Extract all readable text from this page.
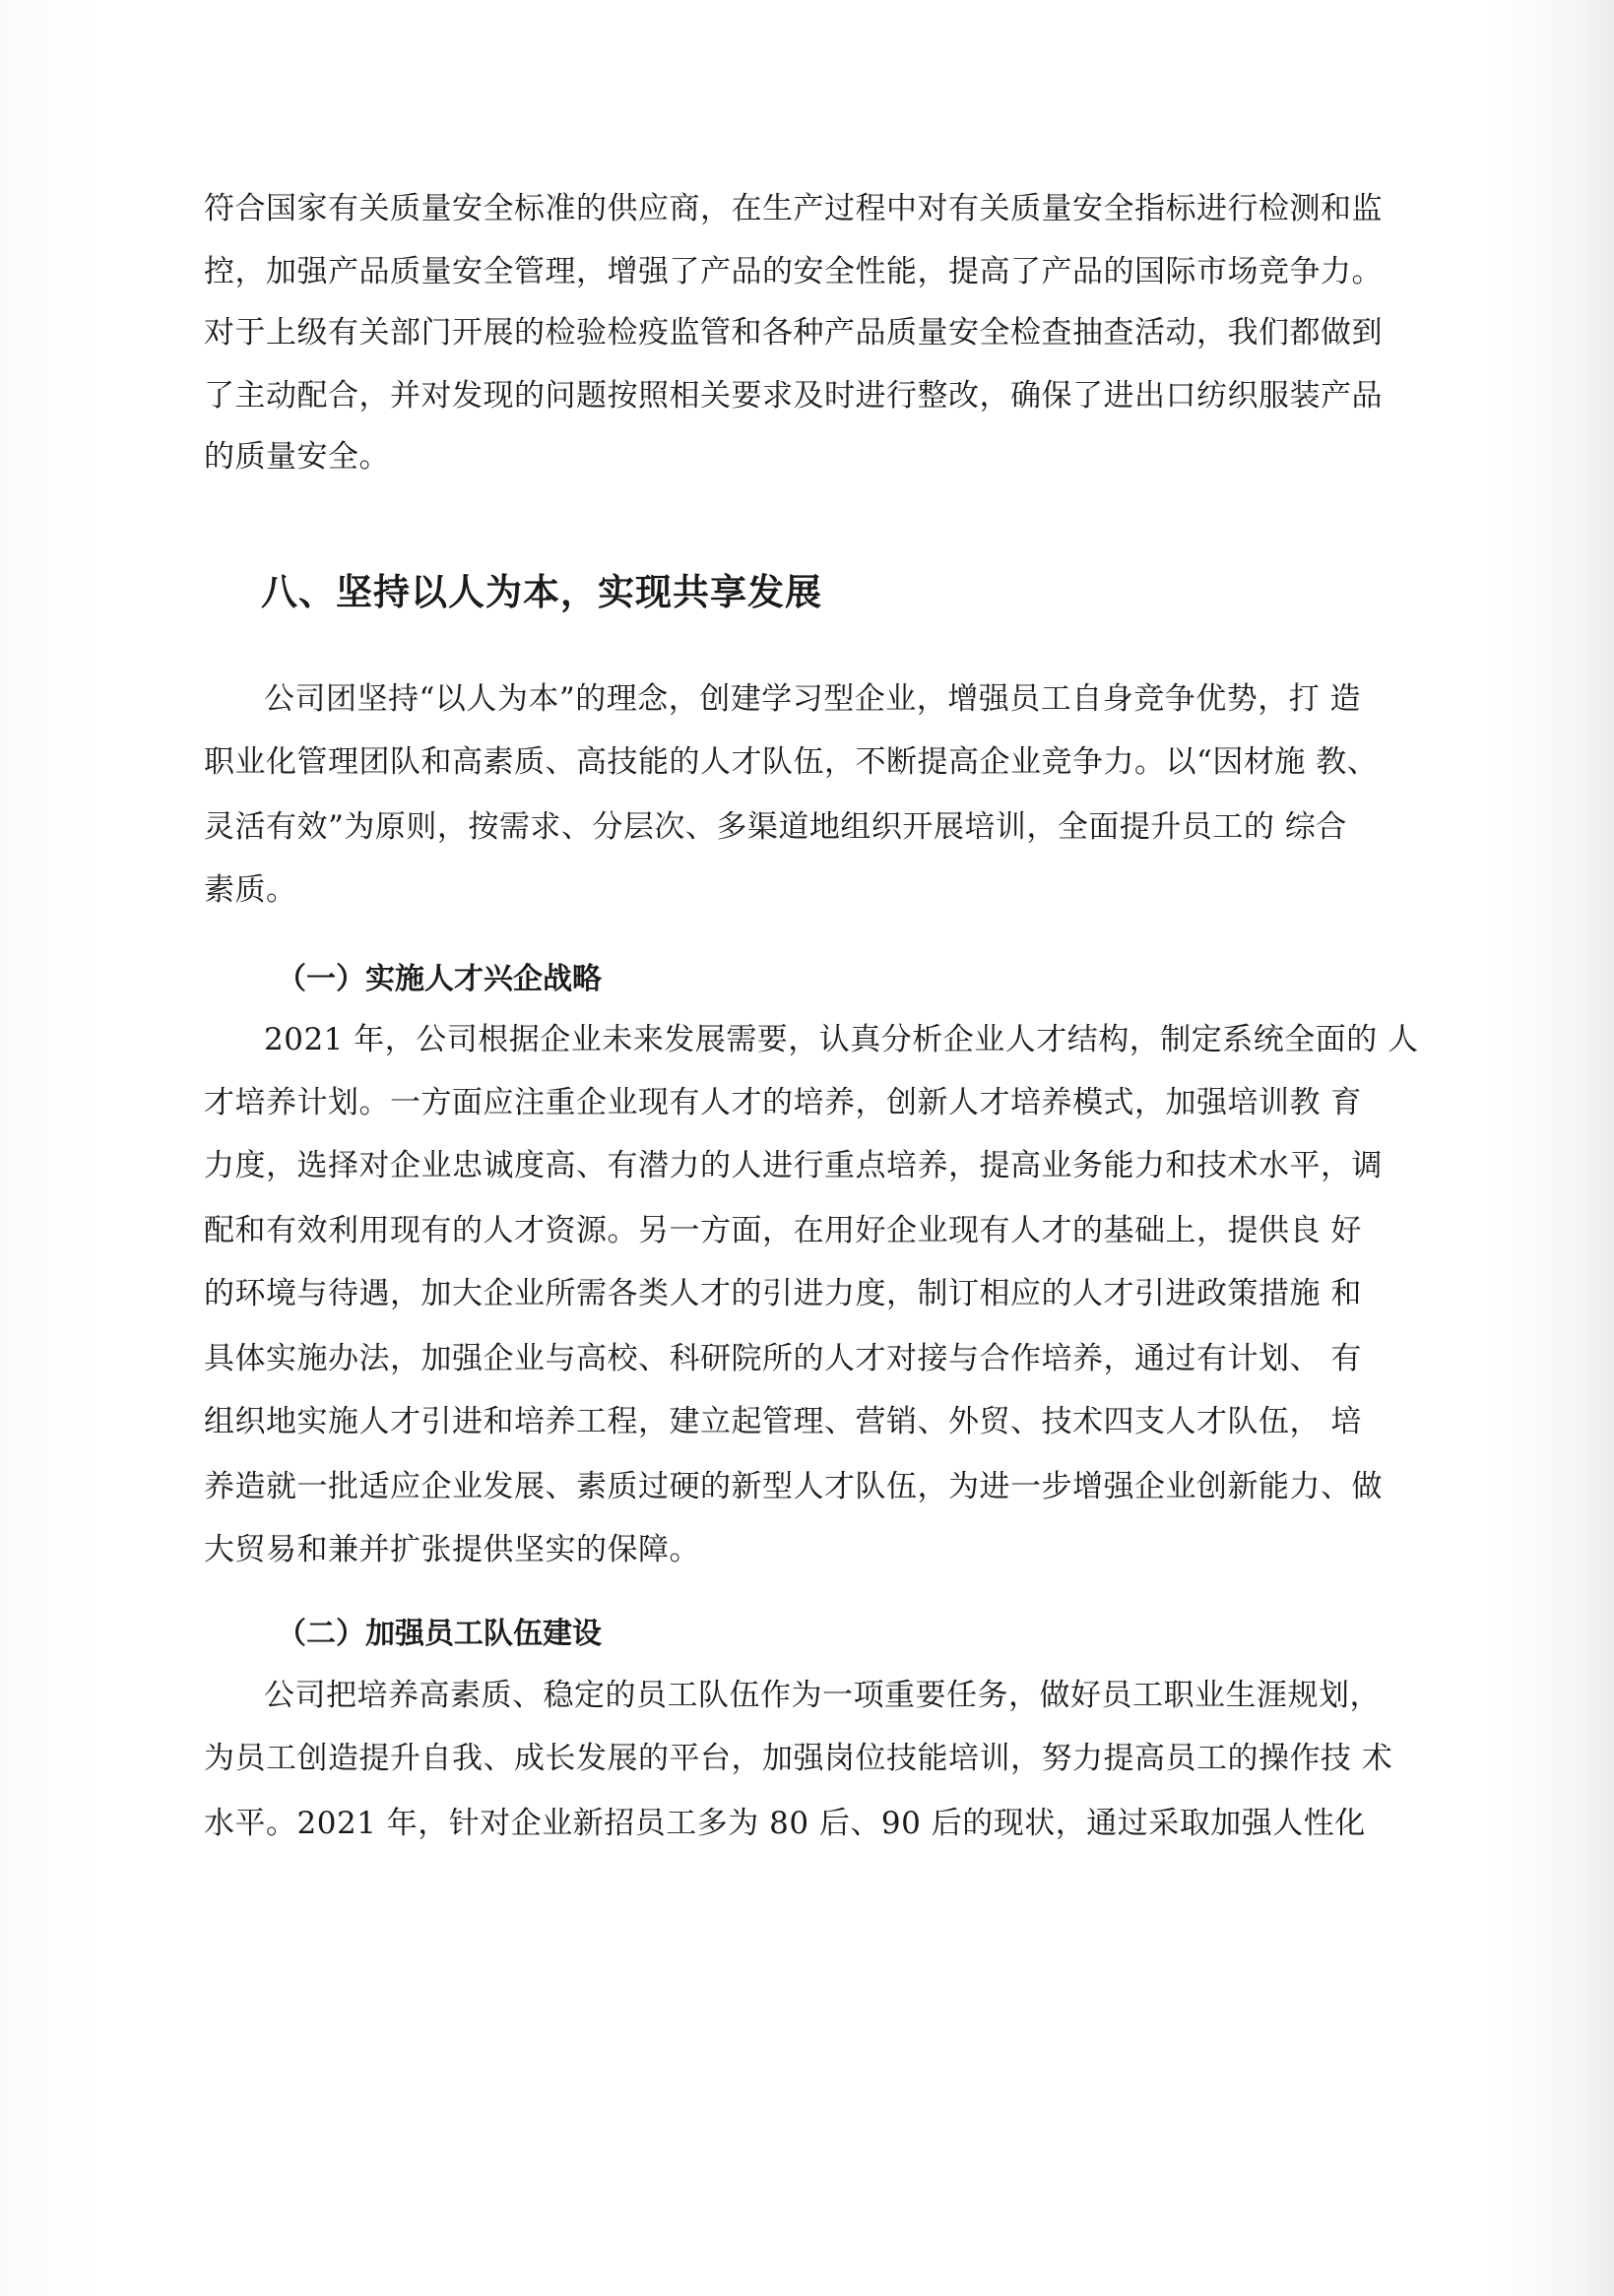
符合国家有关质量安全标准的供应商，在生产过程中对有关质量安全指标进行检测和监

控，加强产品质量安全管理，增强了产品的安全性能，提高了产品的国际市场竞争力。

对于上级有关部门开展的检验检疫监管和各种产品质量安全检查抽查活动，我们都做到

了主动配合，并对发现的问题按照相关要求及时进行整改，确保了进出口纺织服装产品

的质量安全。

八、坚持以人为本，实现共享发展

公司团坚持“以人为本”的理念，创建学习型企业，增强员工自身竞争优势，打 造

职业化管理团队和高素质、高技能的人才队伍，不断提高企业竞争力。以“因材施 教、

灵活有效”为原则，按需求、分层次、多渠道地组织开展培训，全面提升员工的 综合

素质。

（一）实施人才兴企战略

2021 年，公司根据企业未来发展需要，认真分析企业人才结构，制定系统全面的 人

才培养计划。一方面应注重企业现有人才的培养，创新人才培养模式，加强培训教 育

力度，选择对企业忠诚度高、有潜力的人进行重点培养，提高业务能力和技术水平，调

配和有效利用现有的人才资源。另一方面，在用好企业现有人才的基础上，提供良 好

的环境与待遇，加大企业所需各类人才的引进力度，制订相应的人才引进政策措施 和

具体实施办法，加强企业与高校、科研院所的人才对接与合作培养，通过有计划、 有

组织地实施人才引进和培养工程，建立起管理、营销、外贸、技术四支人才队伍， 培

养造就一批适应企业发展、素质过硬的新型人才队伍，为进一步增强企业创新能力、做

大贸易和兼并扩张提供坚实的保障。

（二）加强员工队伍建设

公司把培养高素质、稳定的员工队伍作为一项重要任务，做好员工职业生涯规划，

为员工创造提升自我、成长发展的平台，加强岗位技能培训，努力提高员工的操作技 术

水平。2021 年，针对企业新招员工多为 80 后、90 后的现状，通过采取加强人性化
